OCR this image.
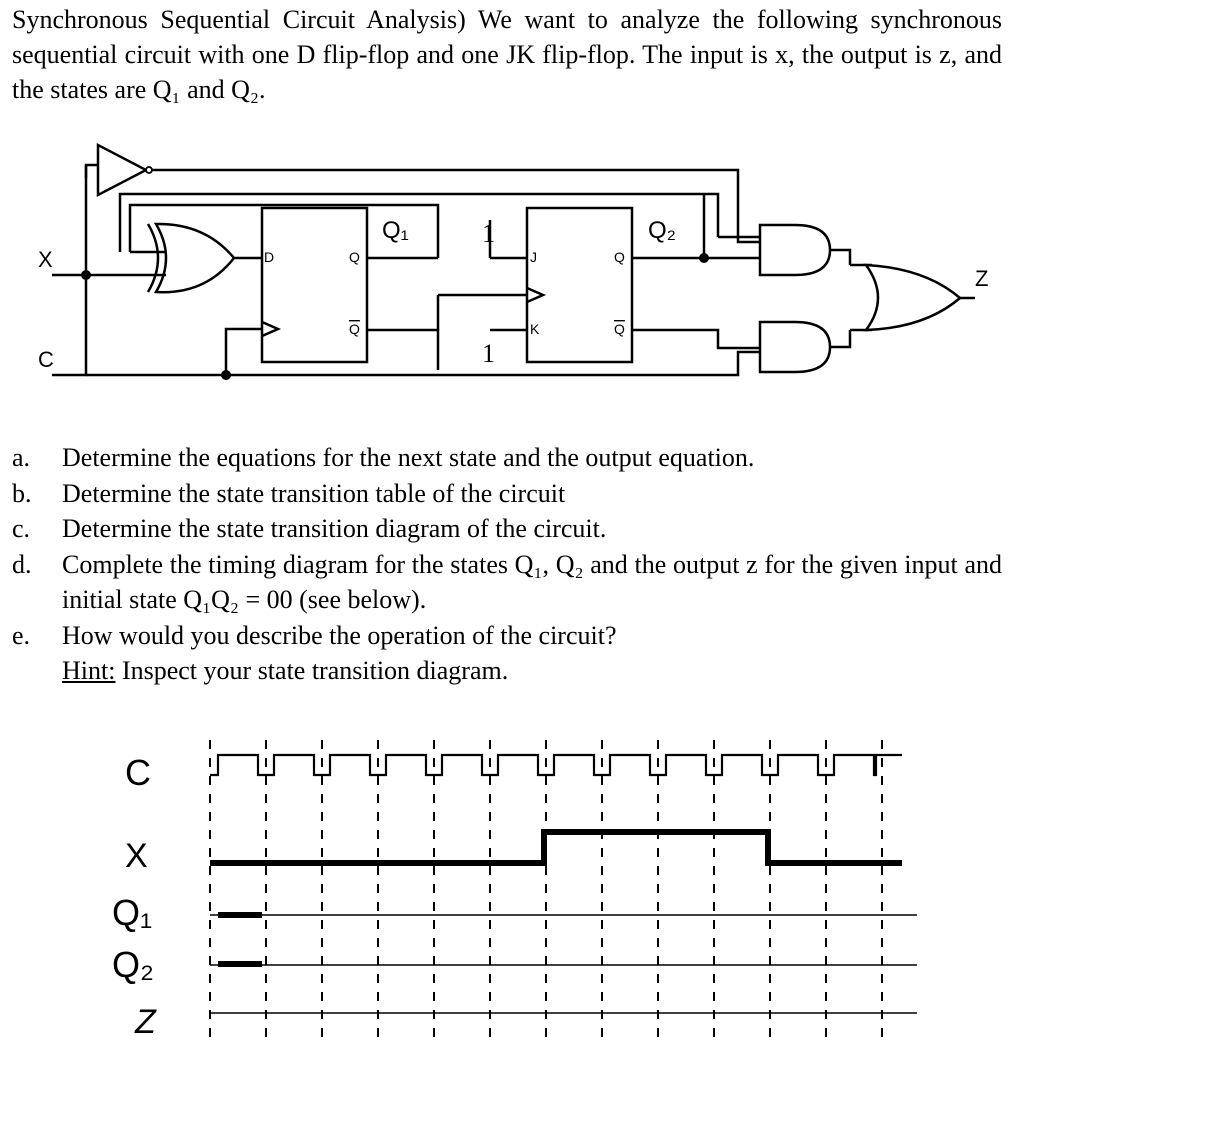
Synchronous Sequential Circuit Analysis) We want to analyze the following synchronous sequential circuit with one D flip-flop and one JK flip-flop. The input is x, the output is z, and the states are Q₁ and Q₂.

X
C
Z
D	Q
Q
Q₁
J
K
Q
Q
Q₂
1
1
a. Determine the equations for the next state and the output equation.
b. Determine the state transition table of the circuit
c. Determine the state transition diagram of the circuit.
d. Complete the timing diagram for the states Q₁, Q₂ and the output z for the given input and initial state Q₁Q₂ = 00 (see below).
e. How would you describe the operation of the circuit?
Hint: Inspect your state transition diagram.
C
X
Q₁
Q₂
Z
